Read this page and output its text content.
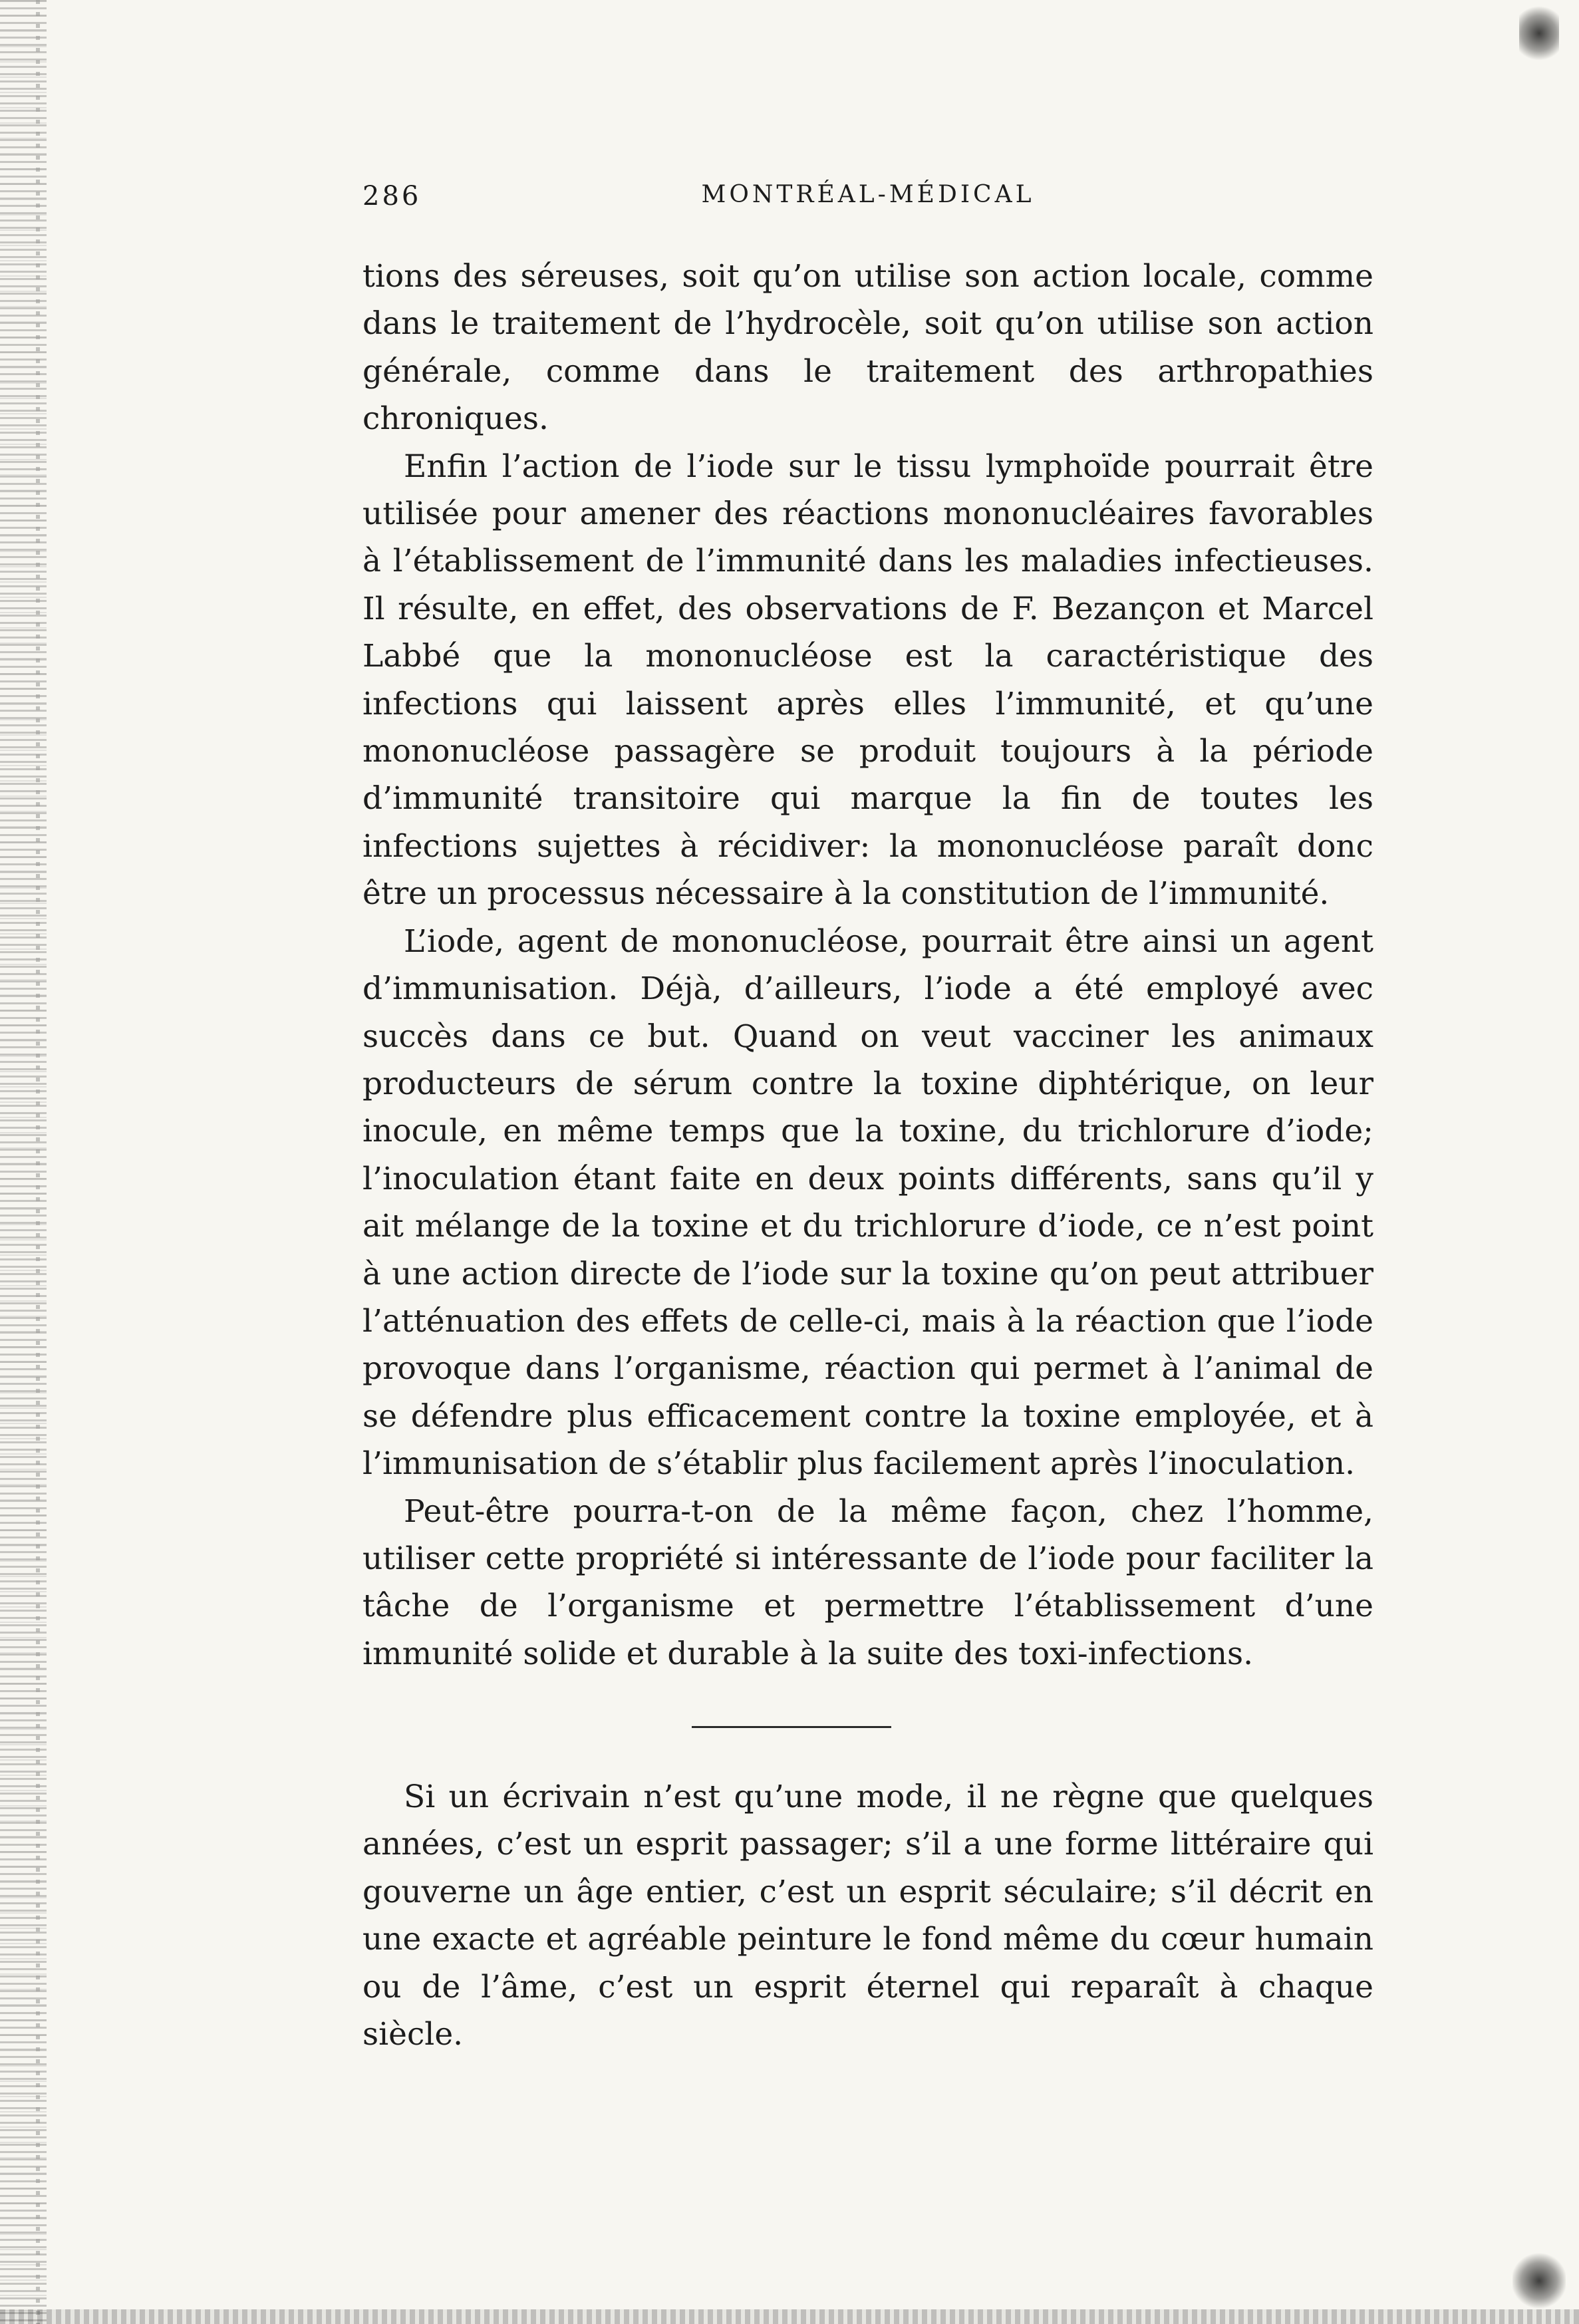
286	MONTRÉAL-MÉDICAL

tions des séreuses, soit qu’on utilise son action locale, comme dans le traitement de l’hydrocèle, soit qu’on utilise son action générale, comme dans le traitement des arthropathies chroniques.

Enfin l’action de l’iode sur le tissu lymphoïde pourrait être utilisée pour amener des réactions mononucléaires favorables à l’établissement de l’immunité dans les maladies infectieuses. Il résulte, en effet, des observations de F. Bezançon et Marcel Labbé que la mononucléose est la caractéristique des infections qui laissent après elles l’immunité, et qu’une mononucléose passagère se produit toujours à la période d’immunité transitoire qui marque la fin de toutes les infections sujettes à récidiver: la mononucléose paraît donc être un processus nécessaire à la constitution de l’immunité.

L’iode, agent de mononucléose, pourrait être ainsi un agent d’immunisation. Déjà, d’ailleurs, l’iode a été employé avec succès dans ce but. Quand on veut vacciner les animaux producteurs de sérum contre la toxine diphtérique, on leur inocule, en même temps que la toxine, du trichlorure d’iode; l’inoculation étant faite en deux points différents, sans qu’il y ait mélange de la toxine et du trichlorure d’iode, ce n’est point à une action directe de l’iode sur la toxine qu’on peut attribuer l’atténuation des effets de celle-ci, mais à la réaction que l’iode provoque dans l’organisme, réaction qui permet à l’animal de se défendre plus efficacement contre la toxine employée, et à l’immunisation de s’établir plus facilement après l’inoculation.

Peut-être pourra-t-on de la même façon, chez l’homme, utiliser cette propriété si intéressante de l’iode pour faciliter la tâche de l’organisme et permettre l’établissement d’une immunité solide et durable à la suite des toxi-infections.

Si un écrivain n’est qu’une mode, il ne règne que quelques années, c’est un esprit passager; s’il a une forme littéraire qui gouverne un âge entier, c’est un esprit séculaire; s’il décrit en une exacte et agréable peinture le fond même du cœur humain ou de l’âme, c’est un esprit éternel qui reparaît à chaque siècle.
